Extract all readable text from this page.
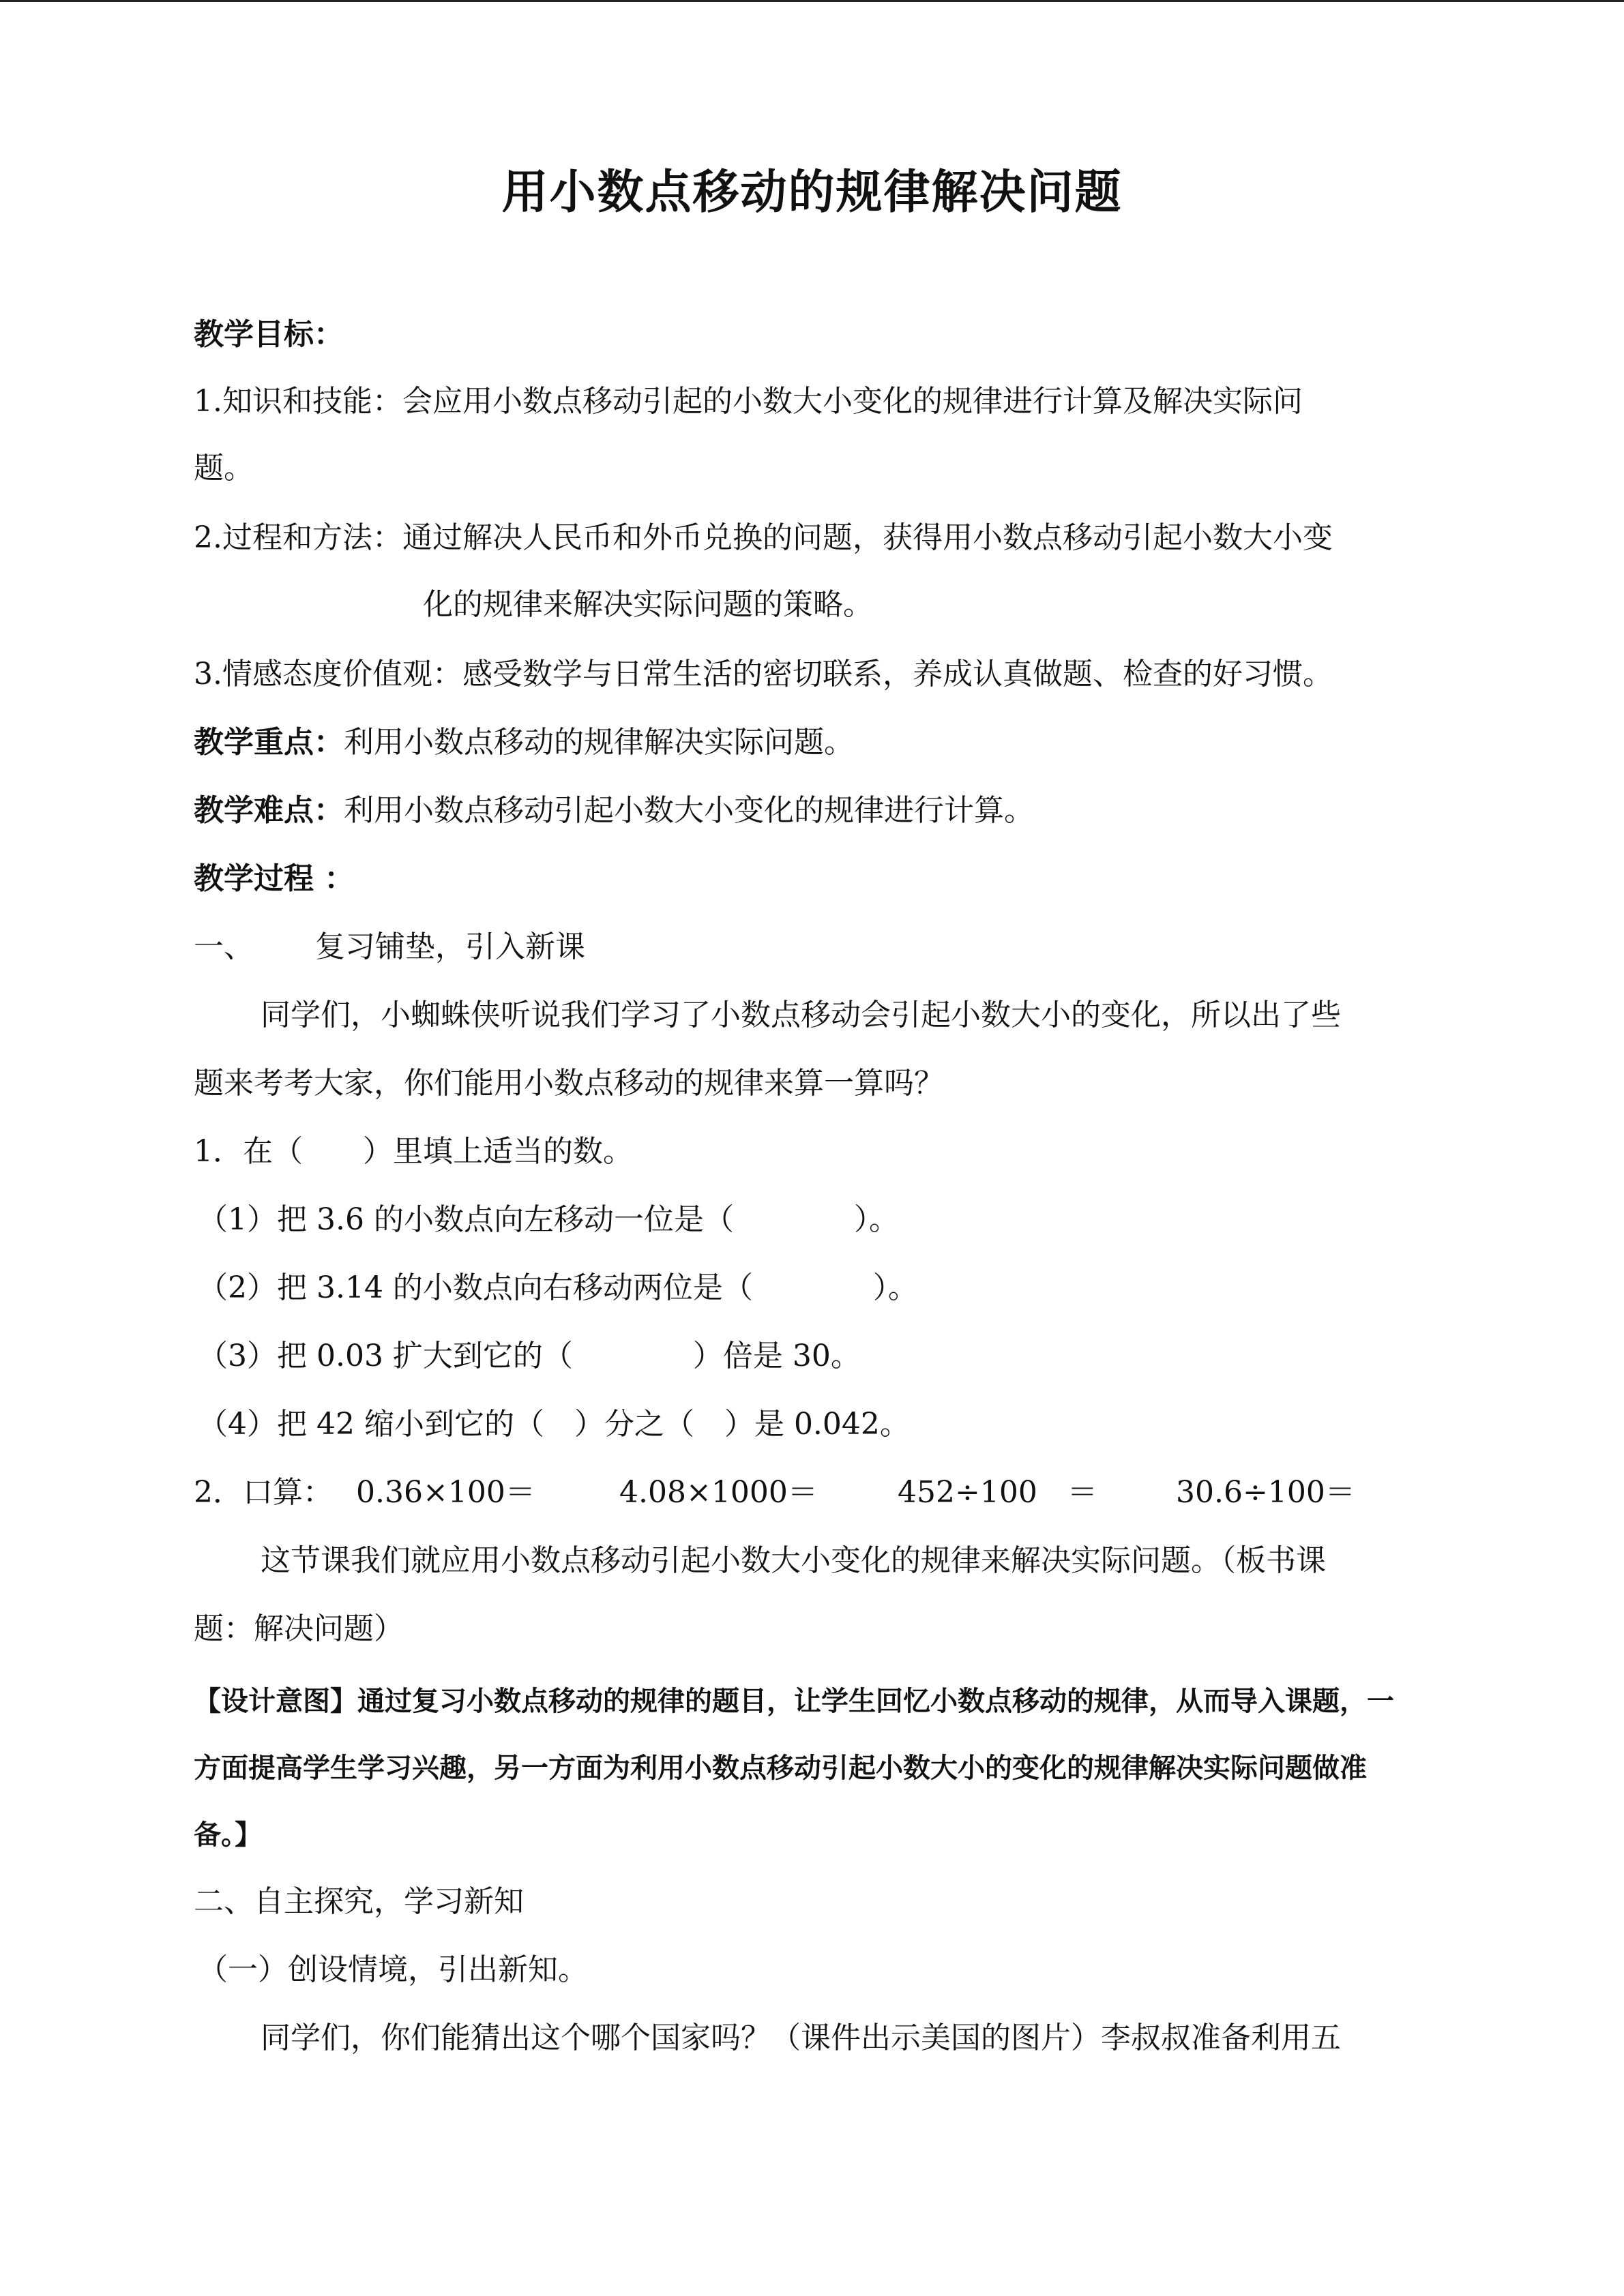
用小数点移动的规律解决问题
教学目标：
1.知识和技能：会应用小数点移动引起的小数大小变化的规律进行计算及解决实际问
题。
2.过程和方法：通过解决人民币和外币兑换的问题，获得用小数点移动引起小数大小变
化的规律来解决实际问题的策略。
3.情感态度价值观：感受数学与日常生活的密切联系，养成认真做题、检查的好习惯。
教学重点：利用小数点移动的规律解决实际问题。
教学难点：利用小数点移动引起小数大小变化的规律进行计算。
教学过程 ：
一、 复习铺垫，引入新课
同学们，小蜘蛛侠听说我们学习了小数点移动会引起小数大小的变化，所以出了些
题来考考大家，你们能用小数点移动的规律来算一算吗？
1．在（　　）里填上适当的数。
（1）把 3.6 的小数点向左移动一位是（　　　　）。
（2）把 3.14 的小数点向右移动两位是（　　　　）。
（3）把 0.03 扩大到它的（　　　　）倍是 30。
（4）把 42 缩小到它的（　）分之（　）是 0.042。
2．口算： 0.36×100＝	4.08×1000＝	452÷100　＝	30.6÷100＝
这节课我们就应用小数点移动引起小数大小变化的规律来解决实际问题。（板书课
题：解决问题）
【设计意图】通过复习小数点移动的规律的题目，让学生回忆小数点移动的规律，从而导入课题，一
方面提高学生学习兴趣，另一方面为利用小数点移动引起小数大小的变化的规律解决实际问题做准
备。】
二、自主探究，学习新知
（一）创设情境，引出新知。
同学们，你们能猜出这个哪个国家吗？（课件出示美国的图片）李叔叔准备利用五
